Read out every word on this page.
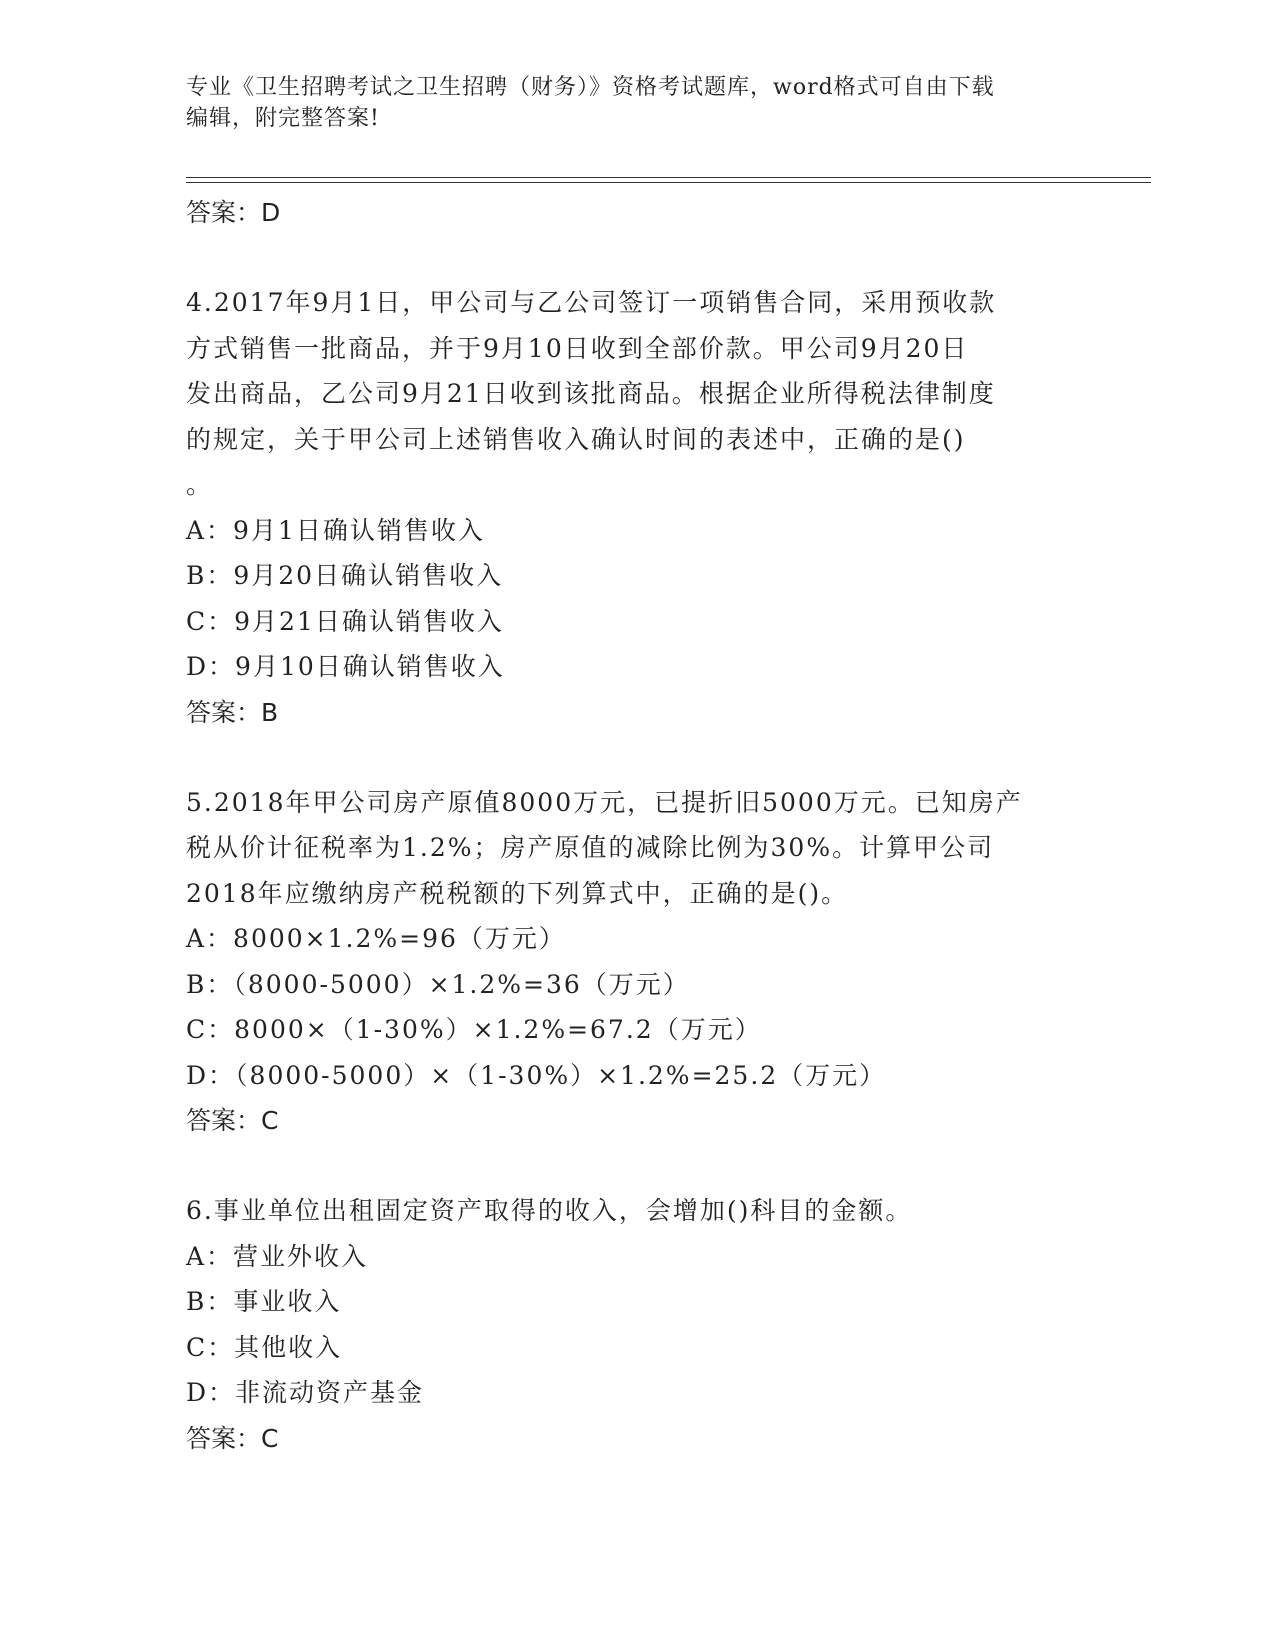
专业《卫生招聘考试之卫生招聘（财务）》资格考试题库，word格式可自由下载
编辑，附完整答案!
答案：D
4.2017年9月1日，甲公司与乙公司签订一项销售合同，采用预收款
方式销售一批商品，并于9月10日收到全部价款。甲公司9月20日
发出商品，乙公司9月21日收到该批商品。根据企业所得税法律制度
的规定，关于甲公司上述销售收入确认时间的表述中，正确的是()
。
A：9月1日确认销售收入
B：9月20日确认销售收入
C：9月21日确认销售收入
D：9月10日确认销售收入
答案：B
5.2018年甲公司房产原值8000万元，已提折旧5000万元。已知房产
税从价计征税率为1.2%；房产原值的减除比例为30%。计算甲公司
2018年应缴纳房产税税额的下列算式中，正确的是()。
A：8000×1.2%=96（万元）
B：（8000-5000）×1.2%=36（万元）
C：8000×（1-30%）×1.2%=67.2（万元）
D：（8000-5000）×（1-30%）×1.2%=25.2（万元）
答案：C
6.事业单位出租固定资产取得的收入，会增加()科目的金额。
A：营业外收入
B：事业收入
C：其他收入
D：非流动资产基金
答案：C
